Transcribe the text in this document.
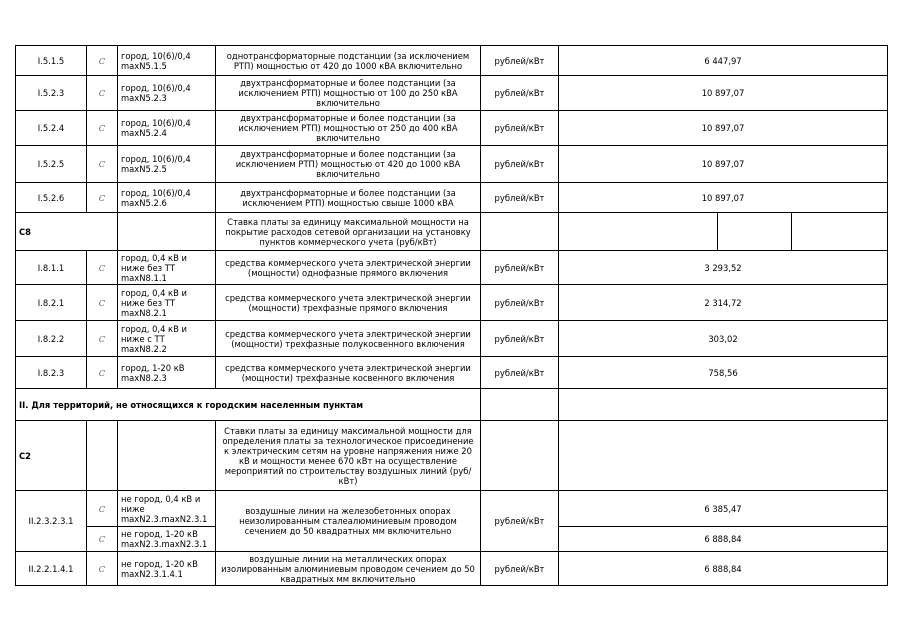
I.5.1.5	C	город, 10(6)/0,4 maxN5.1.5	однотрансформаторные подстанции (за исключением РТП) мощностью от 420 до 1000 кВА включительно	рублей/кВт	6 447,97		
I.5.2.3	C	город, 10(6)/0,4 maxN5.2.3	двухтрансформаторные и более подстанции (за исключением РТП) мощностью от 100 до 250 кВА включительно	рублей/кВт	10 897,07		
I.5.2.4	C	город, 10(6)/0,4 maxN5.2.4	двухтрансформаторные и более подстанции (за исключением РТП) мощностью от 250 до 400 кВА включительно	рублей/кВт	10 897,07		
I.5.2.5	C	город, 10(6)/0,4 maxN5.2.5	двухтрансформаторные и более подстанции (за исключением РТП) мощностью от 420 до 1000 кВА включительно	рублей/кВт	10 897,07		
I.5.2.6	C	город, 10(6)/0,4 maxN5.2.6	двухтрансформаторные и более подстанции (за исключением РТП) мощностью свыше 1000 кВА	рублей/кВт	10 897,07		
С8			Ставка платы за единицу максимальной мощности на покрытие расходов сетевой организации на установку пунктов коммерческого учета (руб/кВт)				
I.8.1.1	C	город, 0,4 кВ и ниже без ТТ maxN8.1.1	средства коммерческого учета электрической энергии (мощности) однофазные прямого включения	рублей/кВт	3 293,52		
I.8.2.1	C	город, 0,4 кВ и ниже без ТТ maxN8.2.1	средства коммерческого учета электрической энергии (мощности) трехфазные прямого включения	рублей/кВт	2 314,72		
I.8.2.2	C	город, 0,4 кВ и ниже с ТТ maxN8.2.2	средства коммерческого учета электрической энергии (мощности) трехфазные полукосвенного включения	рублей/кВт	303,02		
I.8.2.3	C	город, 1-20 кВ maxN8.2.3	средства коммерческого учета электрической энергии (мощности) трехфазные косвенного включения	рублей/кВт	758,56		
II. Для территорий, не относящихся к городским населенным пунктам							
С2			Ставки платы за единицу максимальной мощности для определения платы за технологическое присоединение к электрическим сетям на уровне напряжения ниже 20 кВ и мощности менее 670 кВт на осуществление мероприятий по строительству воздушных линий (руб/кВт)				
II.2.3.2.3.1	C	не город, 0,4 кВ и ниже maxN2.3.maxN2.3.1	воздушные линии на железобетонных опорах неизолированным сталеалюминиевым проводом сечением до 50 квадратных мм включительно	рублей/кВт	6 385,47		
	C	не город, 1-20 кВ maxN2.3.maxN2.3.1			6 888,84		
II.2.2.1.4.1	C	не город, 1-20 кВ maxN2.3.1.4.1	воздушные линии на металлических опорах изолированным алюминиевым проводом сечением до 50 квадратных мм включительно	рублей/кВт	6 888,84		
